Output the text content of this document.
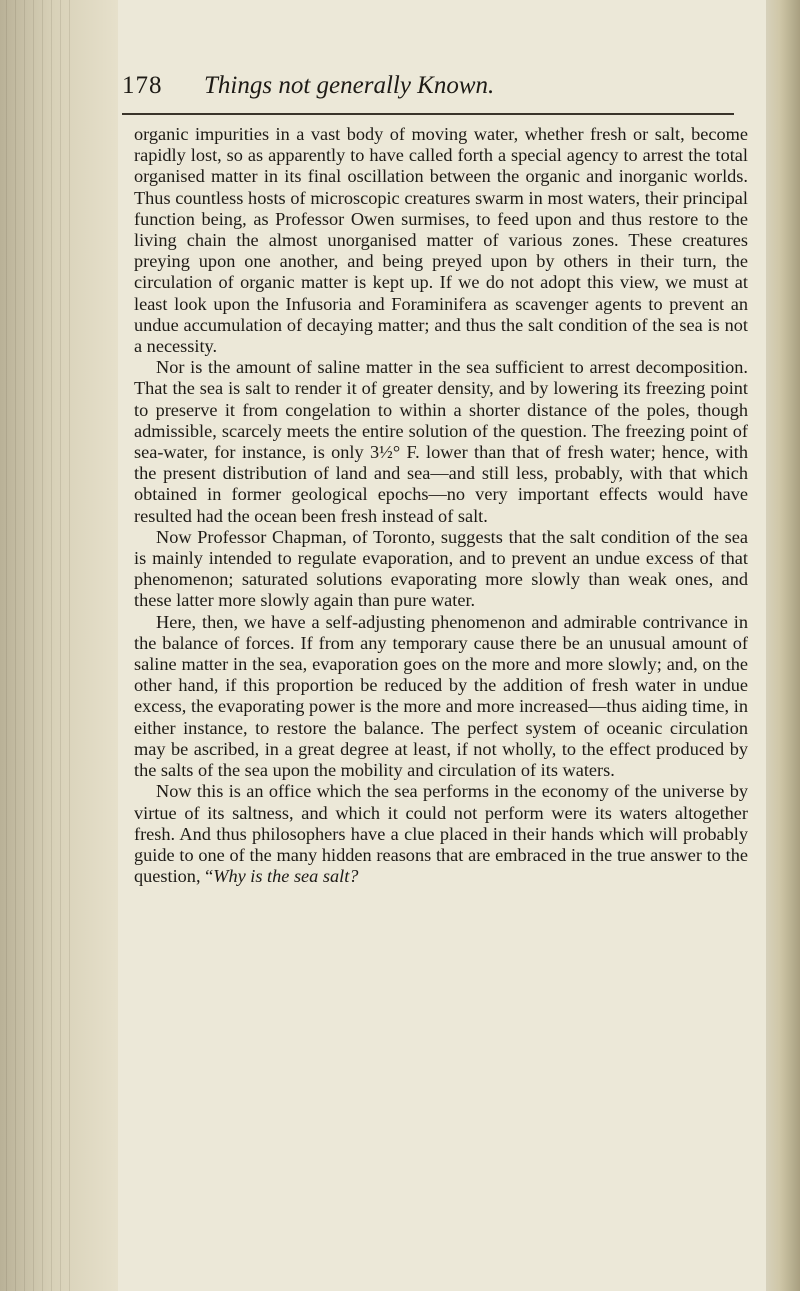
178 Things not generally Known.

organic impurities in a vast body of moving water, whether fresh or salt, become rapidly lost, so as apparently to have called forth a special agency to arrest the total organised matter in its final oscillation between the organic and inorganic worlds. Thus countless hosts of microscopic creatures swarm in most waters, their principal function being, as Professor Owen surmises, to feed upon and thus restore to the living chain the almost unorganised matter of various zones. These creatures preying upon one another, and being preyed upon by others in their turn, the circulation of organic matter is kept up. If we do not adopt this view, we must at least look upon the Infusoria and Foraminifera as scavenger agents to prevent an undue accumulation of decaying matter; and thus the salt condition of the sea is not a necessity.

Nor is the amount of saline matter in the sea sufficient to arrest decomposition. That the sea is salt to render it of greater density, and by lowering its freezing point to preserve it from congelation to within a shorter distance of the poles, though admissible, scarcely meets the entire solution of the question. The freezing point of sea-water, for instance, is only 3½° F. lower than that of fresh water; hence, with the present distribution of land and sea—and still less, probably, with that which obtained in former geological epochs—no very important effects would have resulted had the ocean been fresh instead of salt.

Now Professor Chapman, of Toronto, suggests that the salt condition of the sea is mainly intended to regulate evaporation, and to prevent an undue excess of that phenomenon; saturated solutions evaporating more slowly than weak ones, and these latter more slowly again than pure water.

Here, then, we have a self-adjusting phenomenon and admirable contrivance in the balance of forces. If from any temporary cause there be an unusual amount of saline matter in the sea, evaporation goes on the more and more slowly; and, on the other hand, if this proportion be reduced by the addition of fresh water in undue excess, the evaporating power is the more and more increased—thus aiding time, in either instance, to restore the balance. The perfect system of oceanic circulation may be ascribed, in a great degree at least, if not wholly, to the effect produced by the salts of the sea upon the mobility and circulation of its waters.

Now this is an office which the sea performs in the economy of the universe by virtue of its saltness, and which it could not perform were its waters altogether fresh. And thus philosophers have a clue placed in their hands which will probably guide to one of the many hidden reasons that are embraced in the true answer to the question, “Why is the sea salt?
